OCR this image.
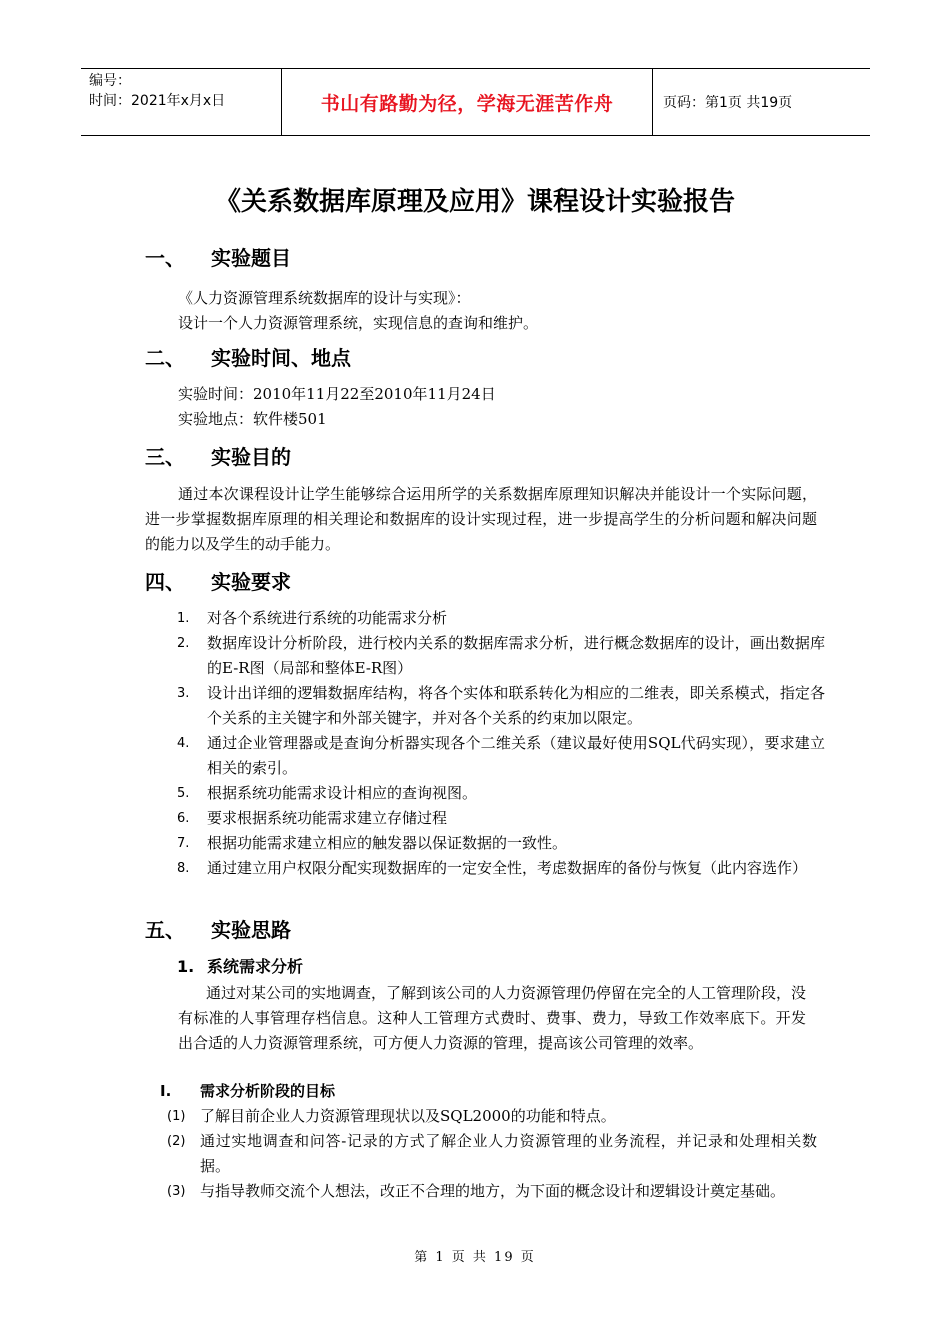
编号：
时间：2021年x月x日	书山有路勤为径，学海无涯苦作舟	页码：第1页 共19页
《关系数据库原理及应用》课程设计实验报告
一、 实验题目
《人力资源管理系统数据库的设计与实现》：
设计一个人力资源管理系统，实现信息的查询和维护。
二、 实验时间、地点
实验时间：2010年11月22至2010年11月24日
实验地点：软件楼501
三、 实验目的
通过本次课程设计让学生能够综合运用所学的关系数据库原理知识解决并能设计一个实际问题，进一步掌握数据库原理的相关理论和数据库的设计实现过程，进一步提高学生的分析问题和解决问题的能力以及学生的动手能力。
四、 实验要求
1. 对各个系统进行系统的功能需求分析
2. 数据库设计分析阶段，进行校内关系的数据库需求分析，进行概念数据库的设计，画出数据库的E-R图（局部和整体E-R图）
3. 设计出详细的逻辑数据库结构，将各个实体和联系转化为相应的二维表，即关系模式，指定各个关系的主关键字和外部关键字，并对各个关系的约束加以限定。
4. 通过企业管理器或是查询分析器实现各个二维关系（建议最好使用SQL代码实现），要求建立相关的索引。
5. 根据系统功能需求设计相应的查询视图。
6. 要求根据系统功能需求建立存储过程
7. 根据功能需求建立相应的触发器以保证数据的一致性。
8. 通过建立用户权限分配实现数据库的一定安全性，考虑数据库的备份与恢复（此内容选作）
五、 实验思路
1. 系统需求分析
通过对某公司的实地调查，了解到该公司的人力资源管理仍停留在完全的人工管理阶段，没有标准的人事管理存档信息。这种人工管理方式费时、费事、费力，导致工作效率底下。开发出合适的人力资源管理系统，可方便人力资源的管理，提高该公司管理的效率。
I. 需求分析阶段的目标
(1) 了解目前企业人力资源管理现状以及SQL2000的功能和特点。
(2) 通过实地调查和问答-记录的方式了解企业人力资源管理的业务流程，并记录和处理相关数据。
(3) 与指导教师交流个人想法，改正不合理的地方，为下面的概念设计和逻辑设计奠定基础。
第 1 页 共 19 页
